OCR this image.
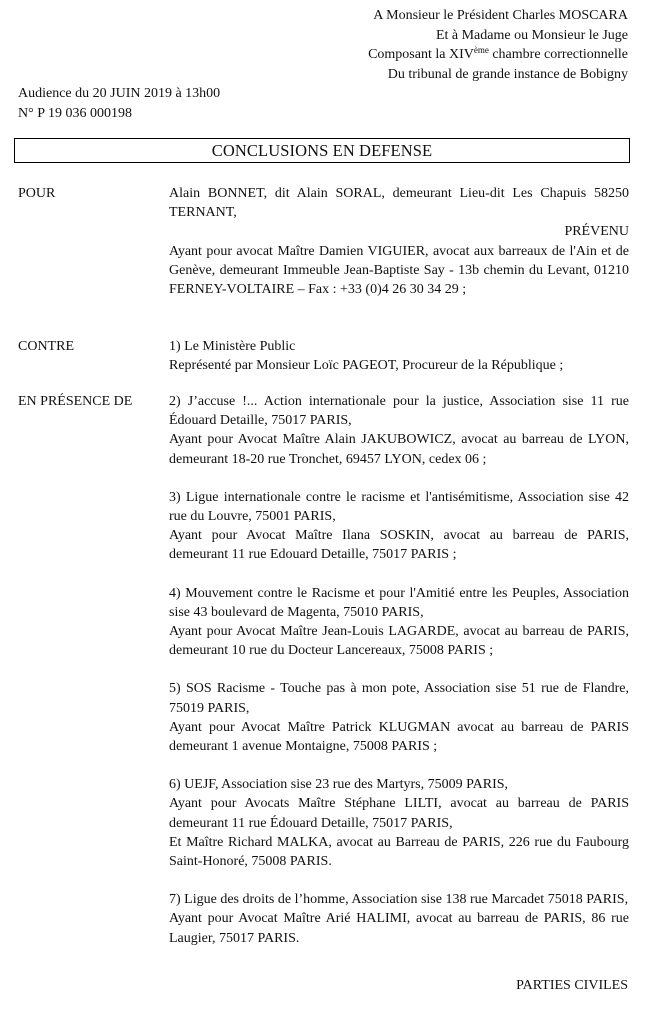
A Monsieur le Président Charles MOSCARA
Et à Madame ou Monsieur le Juge
Composant la XIVème chambre correctionnelle
Du tribunal de grande instance de Bobigny
Audience du 20 JUIN 2019 à 13h00
N° P 19 036 000198
CONCLUSIONS EN DEFENSE
POUR	Alain BONNET, dit Alain SORAL, demeurant Lieu-dit Les Chapuis 58250 TERNANT,

PRÉVENU

Ayant pour avocat Maître Damien VIGUIER, avocat aux barreaux de l'Ain et de Genève, demeurant Immeuble Jean-Baptiste Say - 13b chemin du Levant, 01210 FERNEY-VOLTAIRE – Fax : +33 (0)4 26 30 34 29 ;

CONTRE	1) Le Ministère Public

Représenté par Monsieur Loïc PAGEOT, Procureur de la République ;

EN PRÉSENCE DE	2) J’accuse !... Action internationale pour la justice, Association sise 11 rue Édouard Detaille, 75017 PARIS,

Ayant pour Avocat Maître Alain JAKUBOWICZ, avocat au barreau de LYON, demeurant 18-20 rue Tronchet, 69457 LYON, cedex 06 ;

3) Ligue internationale contre le racisme et l'antisémitisme, Association sise 42 rue du Louvre, 75001 PARIS,

Ayant pour Avocat Maître Ilana SOSKIN, avocat au barreau de PARIS, demeurant 11 rue Edouard Detaille, 75017 PARIS ;

4) Mouvement contre le Racisme et pour l'Amitié entre les Peuples, Association sise 43 boulevard de Magenta, 75010 PARIS,

Ayant pour Avocat Maître Jean-Louis LAGARDE, avocat au barreau de PARIS, demeurant 10 rue du Docteur Lancereaux, 75008 PARIS ;

5) SOS Racisme - Touche pas à mon pote, Association sise 51 rue de Flandre, 75019 PARIS,

Ayant pour Avocat Maître Patrick KLUGMAN avocat au barreau de PARIS demeurant 1 avenue Montaigne, 75008 PARIS ;

6) UEJF, Association sise 23 rue des Martyrs, 75009 PARIS,

Ayant pour Avocats Maître Stéphane LILTI, avocat au barreau de PARIS demeurant 11 rue Édouard Detaille, 75017 PARIS,

Et Maître Richard MALKA, avocat au Barreau de PARIS, 226 rue du Faubourg Saint-Honoré, 75008 PARIS.

7) Ligue des droits de l’homme, Association sise 138 rue Marcadet 75018 PARIS,

Ayant pour Avocat Maître Arié HALIMI, avocat au barreau de PARIS, 86 rue Laugier, 75017 PARIS.

PARTIES CIVILES
